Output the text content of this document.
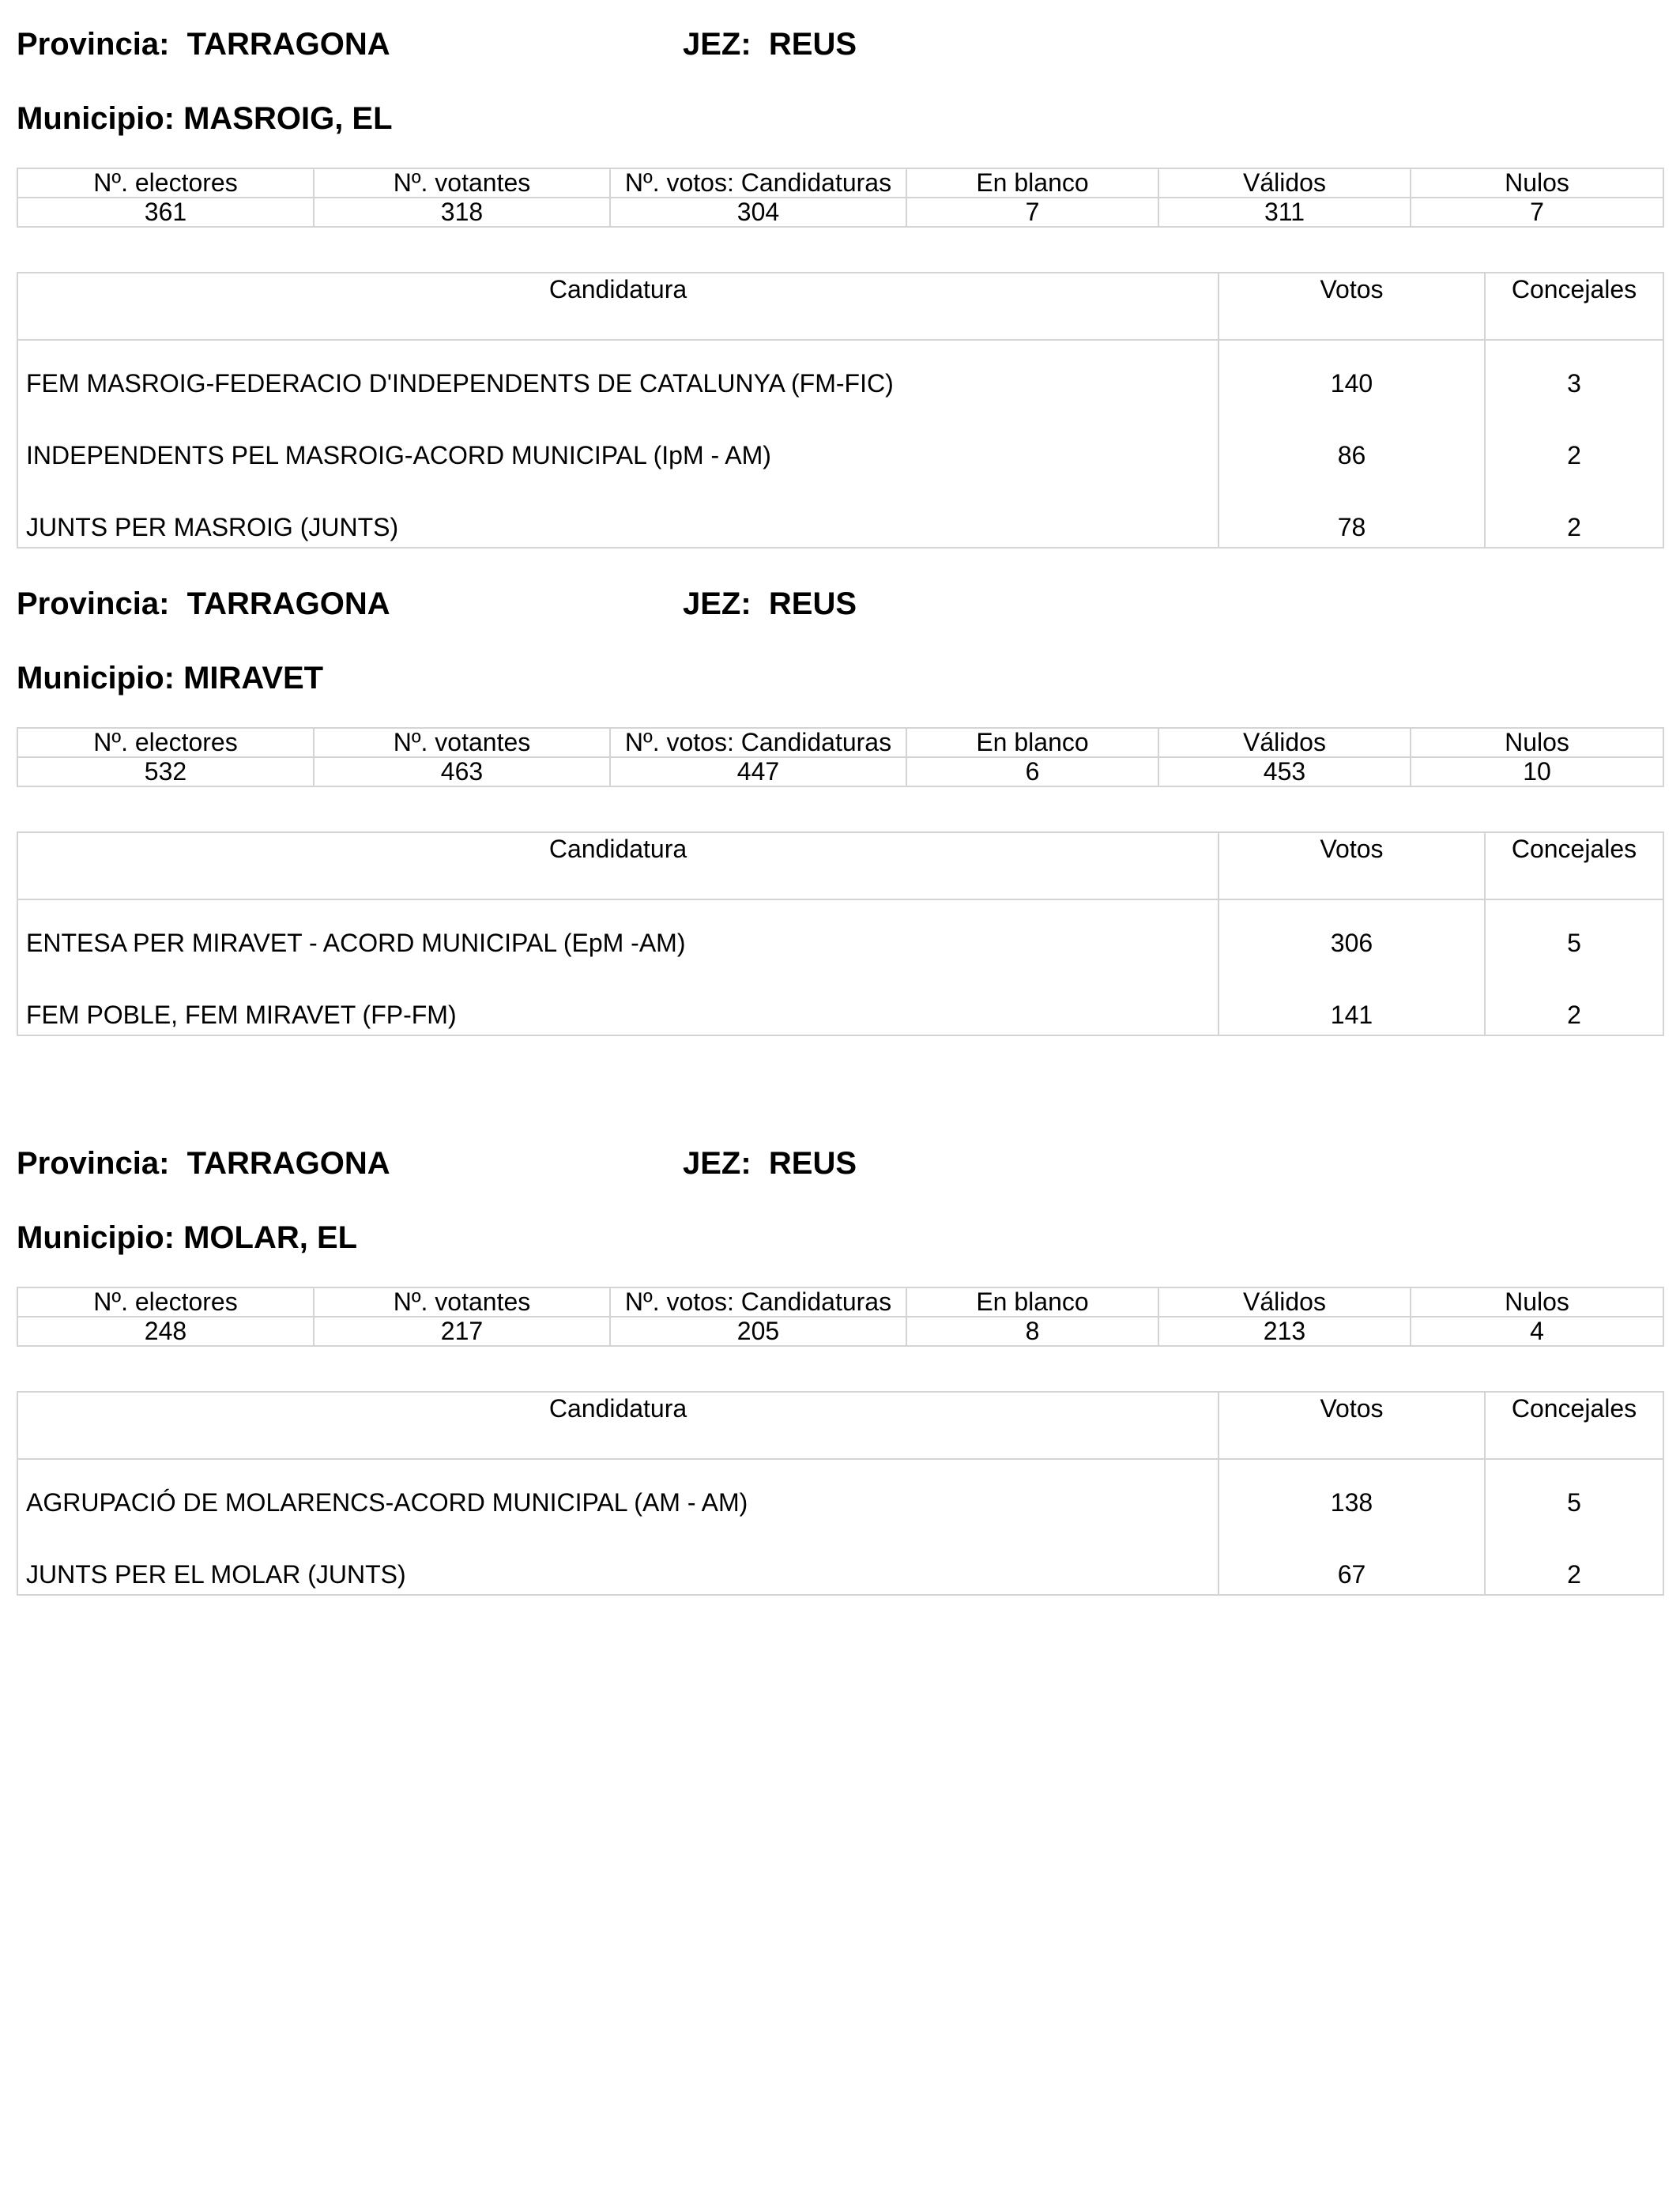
Provincia:  TARRAGONA	JEZ:  REUS
Municipio: MASROIG, EL
Nº. electores	Nº. votantes	Nº. votos: Candidaturas	En blanco	Válidos	Nulos
361	318	304	7	311	7
Candidatura	Votos	Concejales
FEM MASROIG-FEDERACIO D'INDEPENDENTS DE CATALUNYA (FM-FIC)	140	3
INDEPENDENTS PEL MASROIG-ACORD MUNICIPAL (IpM - AM)	86	2
JUNTS PER MASROIG (JUNTS)	78	2
Provincia:  TARRAGONA	JEZ:  REUS
Municipio: MIRAVET
Nº. electores	Nº. votantes	Nº. votos: Candidaturas	En blanco	Válidos	Nulos
532	463	447	6	453	10
Candidatura	Votos	Concejales
ENTESA PER MIRAVET - ACORD MUNICIPAL (EpM -AM)	306	5
FEM POBLE, FEM MIRAVET (FP-FM)	141	2
Provincia:  TARRAGONA	JEZ:  REUS
Municipio: MOLAR, EL
Nº. electores	Nº. votantes	Nº. votos: Candidaturas	En blanco	Válidos	Nulos
248	217	205	8	213	4
Candidatura	Votos	Concejales
AGRUPACIÓ DE MOLARENCS-ACORD MUNICIPAL (AM - AM)	138	5
JUNTS PER EL MOLAR (JUNTS)	67	2
